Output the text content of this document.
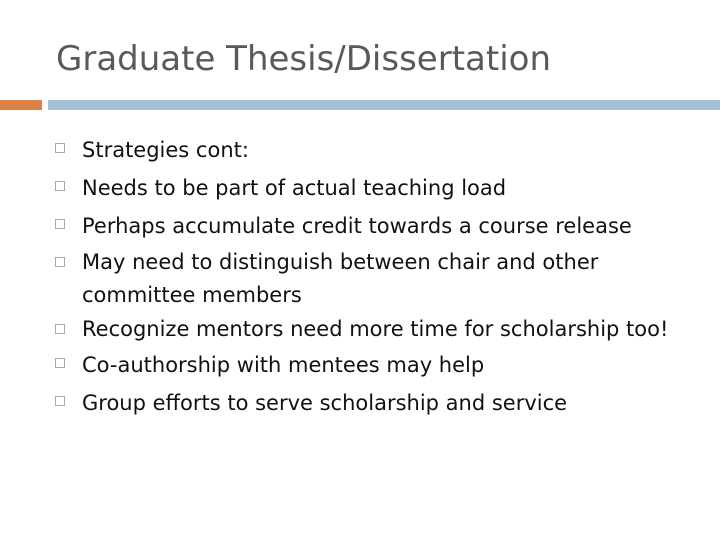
Graduate Thesis/Dissertation
Strategies cont:
Needs to be part of actual teaching load
Perhaps accumulate credit towards a course release
May need to distinguish between chair and other committee members
Recognize mentors need more time for scholarship too!
Co-authorship with mentees may help
Group efforts to serve scholarship and service
